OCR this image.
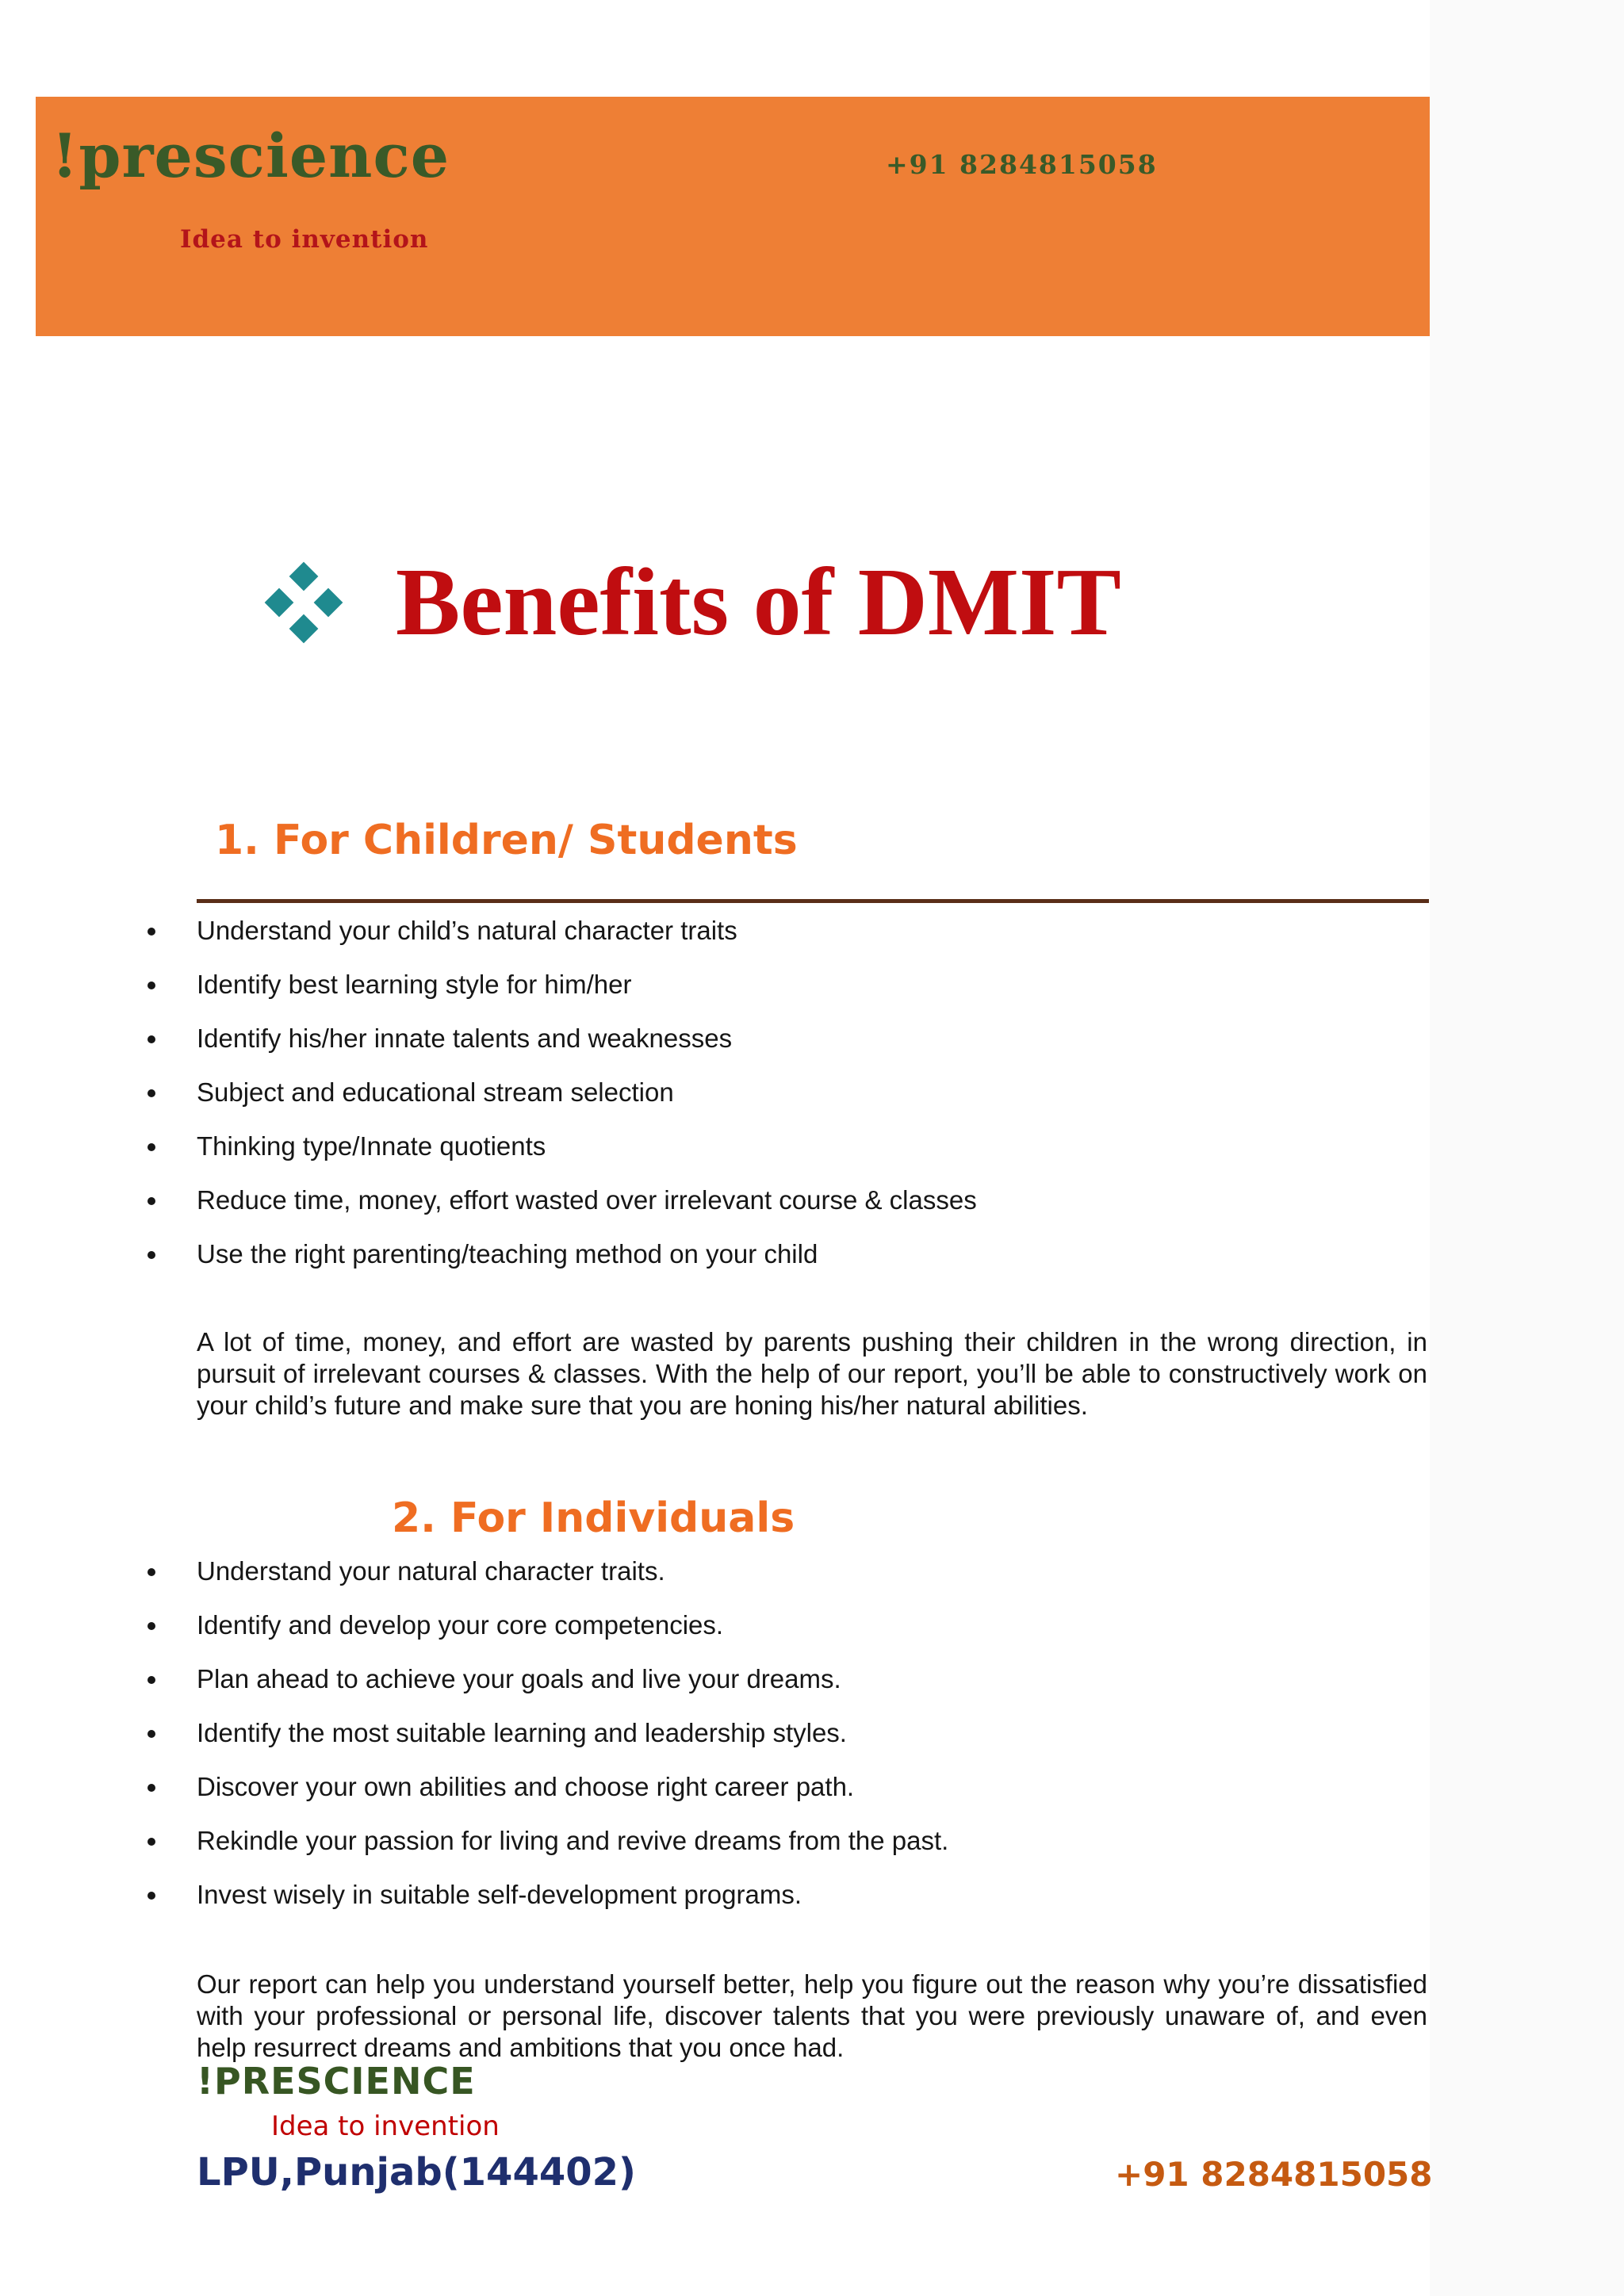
!prescience	+91 8284815058
Idea to invention
Benefits of DMIT
1. For Children/ Students
Understand your child’s natural character traits
Identify best learning style for him/her
Identify his/her innate talents and weaknesses
Subject and educational stream selection
Thinking type/Innate quotients
Reduce time, money, effort wasted over irrelevant course & classes
Use the right parenting/teaching method on your child

A lot of time, money, and effort are wasted by parents pushing their children in the wrong direction, in pursuit of irrelevant courses & classes. With the help of our report, you’ll be able to constructively work on your child’s future and make sure that you are honing his/her natural abilities.

2. For Individuals
Understand your natural character traits.
Identify and develop your core competencies.
Plan ahead to achieve your goals and live your dreams.
Identify the most suitable learning and leadership styles.
Discover your own abilities and choose right career path.
Rekindle your passion for living and revive dreams from the past.
Invest wisely in suitable self-development programs.

Our report can help you understand yourself better, help you figure out the reason why you’re dissatisfied with your professional or personal life, discover talents that you were previously unaware of, and even help resurrect dreams and ambitions that you once had.

!PRESCIENCE
Idea to invention
LPU,Punjab(144402)	+91 8284815058
